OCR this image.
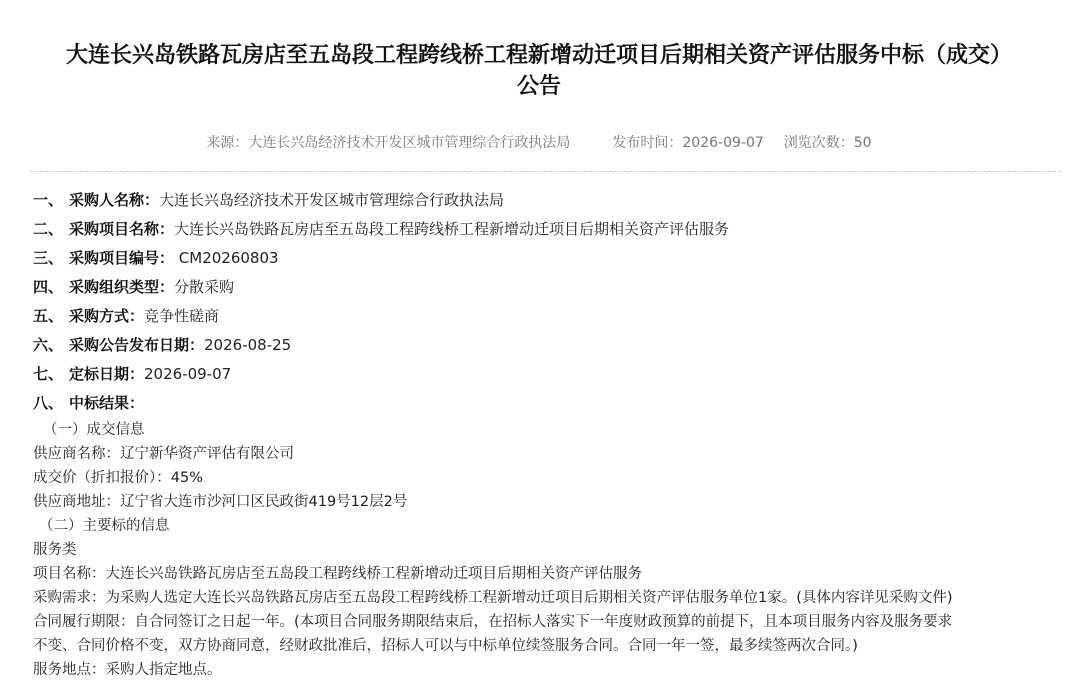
大连长兴岛铁路瓦房店至五岛段工程跨线桥工程新增动迁项目后期相关资产评估服务中标（成交）
公告
来源：大连长兴岛经济技术开发区城市管理综合行政执法局	发布时间：2026-09-07 浏览次数：50
一、 采购人名称：大连长兴岛经济技术开发区城市管理综合行政执法局
二、 采购项目名称：大连长兴岛铁路瓦房店至五岛段工程跨线桥工程新增动迁项目后期相关资产评估服务
三、 采购项目编号： CM20260803
四、 采购组织类型：分散采购
五、 采购方式：竞争性磋商
六、 采购公告发布日期：2026-08-25
七、 定标日期：2026-09-07
八、 中标结果：
（一）成交信息
供应商名称：辽宁新华资产评估有限公司
成交价（折扣报价）：45%
供应商地址：辽宁省大连市沙河口区民政街419号12层2号
（二）主要标的信息
服务类
项目名称：大连长兴岛铁路瓦房店至五岛段工程跨线桥工程新增动迁项目后期相关资产评估服务
采购需求：为采购人选定大连长兴岛铁路瓦房店至五岛段工程跨线桥工程新增动迁项目后期相关资产评估服务单位1家。(具体内容详见采购文件)
合同履行期限：自合同签订之日起一年。(本项目合同服务期限结束后，在招标人落实下一年度财政预算的前提下，且本项目服务内容及服务要求
不变、合同价格不变，双方协商同意，经财政批准后，招标人可以与中标单位续签服务合同。合同一年一签，最多续签两次合同。)
服务地点：采购人指定地点。
